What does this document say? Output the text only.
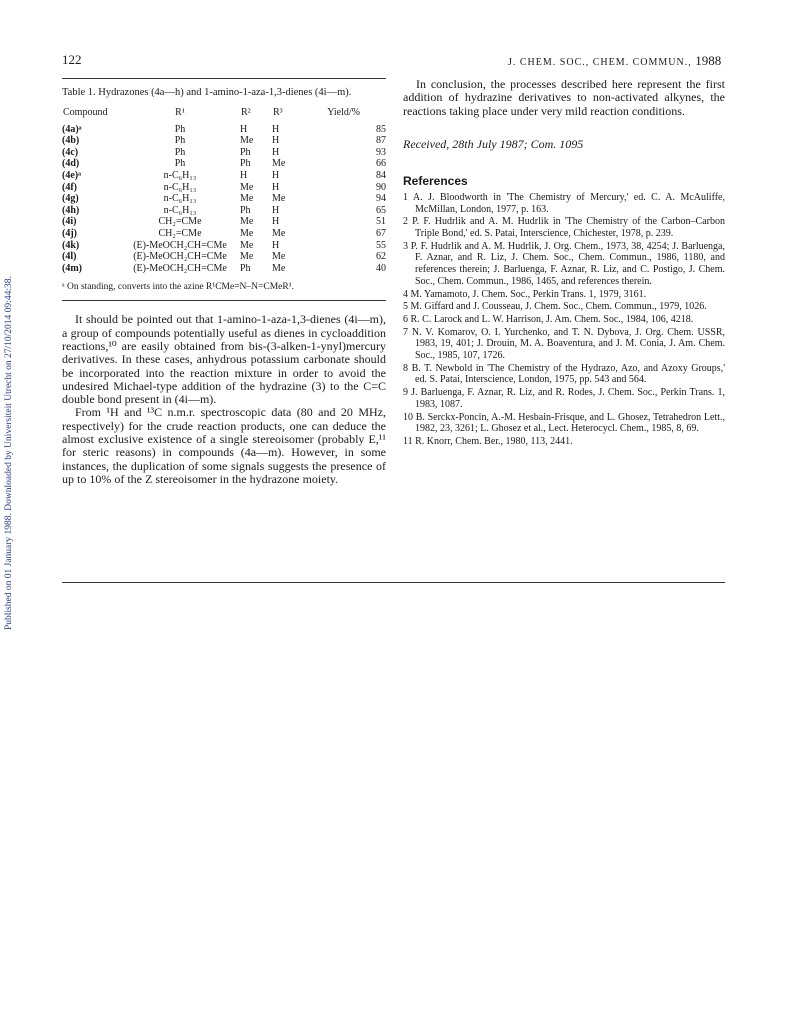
Published on 01 January 1988. Downloaded by Universiteit Utrecht on 27/10/2014 09:44:38.
122	J. CHEM. SOC., CHEM. COMMUN., 1988
Table 1. Hydrazones (4a—h) and 1-amino-1-aza-1,3-dienes (4i—m).
Compound	R¹	R²	R³	Yield/%
(4a)ᵃ	Ph	H	H	85
(4b)	Ph	Me	H	87
(4c)	Ph	Ph	H	93
(4d)	Ph	Ph	Me	66
(4e)ᵃ	n-C₆H₁₃	H	H	84
(4f)	n-C₆H₁₃	Me	H	90
(4g)	n-C₆H₁₃	Me	Me	94
(4h)	n-C₆H₁₃	Ph	H	65
(4i)	CH₂=CMe	Me	H	51
(4j)	CH₂=CMe	Me	Me	67
(4k)	(E)-MeOCH₂CH=CMe	Me	H	55
(4l)	(E)-MeOCH₂CH=CMe	Me	Me	62
(4m)	(E)-MeOCH₂CH=CMe	Ph	Me	40
ᵃ On standing, converts into the azine R¹CMe=N–N=CMeR¹.

It should be pointed out that 1-amino-1-aza-1,3-dienes (4i—m), a group of compounds potentially useful as dienes in cycloaddition reactions,¹⁰ are easily obtained from bis-(3-alken-1-ynyl)mercury derivatives. In these cases, anhydrous potassium carbonate should be incorporated into the reaction mixture in order to avoid the undesired Michael-type addition of the hydrazine (3) to the C=C double bond present in (4i—m).

From ¹H and ¹³C n.m.r. spectroscopic data (80 and 20 MHz, respectively) for the crude reaction products, one can deduce the almost exclusive existence of a single stereoisomer (probably E,¹¹ for steric reasons) in compounds (4a—m). However, in some instances, the duplication of some signals suggests the presence of up to 10% of the Z stereoisomer in the hydrazone moiety.

In conclusion, the processes described here represent the first addition of hydrazine derivatives to non-activated alkynes, the reactions taking place under very mild reaction conditions.

Received, 28th July 1987; Com. 1095

References

1 A. J. Bloodworth in 'The Chemistry of Mercury,' ed. C. A. McAuliffe, McMillan, London, 1977, p. 163.

2 P. F. Hudrlik and A. M. Hudrlik in 'The Chemistry of the Carbon–Carbon Triple Bond,' ed. S. Patai, Interscience, Chichester, 1978, p. 239.

3 P. F. Hudrlik and A. M. Hudrlik, J. Org. Chem., 1973, 38, 4254; J. Barluenga, F. Aznar, and R. Liz, J. Chem. Soc., Chem. Commun., 1986, 1180, and references therein; J. Barluenga, F. Aznar, R. Liz, and C. Postigo, J. Chem. Soc., Chem. Commun., 1986, 1465, and references therein.

4 M. Yamamoto, J. Chem. Soc., Perkin Trans. 1, 1979, 3161.

5 M. Giffard and J. Cousseau, J. Chem. Soc., Chem. Commun., 1979, 1026.

6 R. C. Larock and L. W. Harrison, J. Am. Chem. Soc., 1984, 106, 4218.

7 N. V. Komarov, O. I. Yurchenko, and T. N. Dybova, J. Org. Chem. USSR, 1983, 19, 401; J. Drouin, M. A. Boaventura, and J. M. Conia, J. Am. Chem. Soc., 1985, 107, 1726.

8 B. T. Newbold in 'The Chemistry of the Hydrazo, Azo, and Azoxy Groups,' ed. S. Patai, Interscience, London, 1975, pp. 543 and 564.

9 J. Barluenga, F. Aznar, R. Liz, and R. Rodes, J. Chem. Soc., Perkin Trans. 1, 1983, 1087.

10 B. Serckx-Poncin, A.-M. Hesbain-Frisque, and L. Ghosez, Tetrahedron Lett., 1982, 23, 3261; L. Ghosez et al., Lect. Heterocycl. Chem., 1985, 8, 69.

11 R. Knorr, Chem. Ber., 1980, 113, 2441.
